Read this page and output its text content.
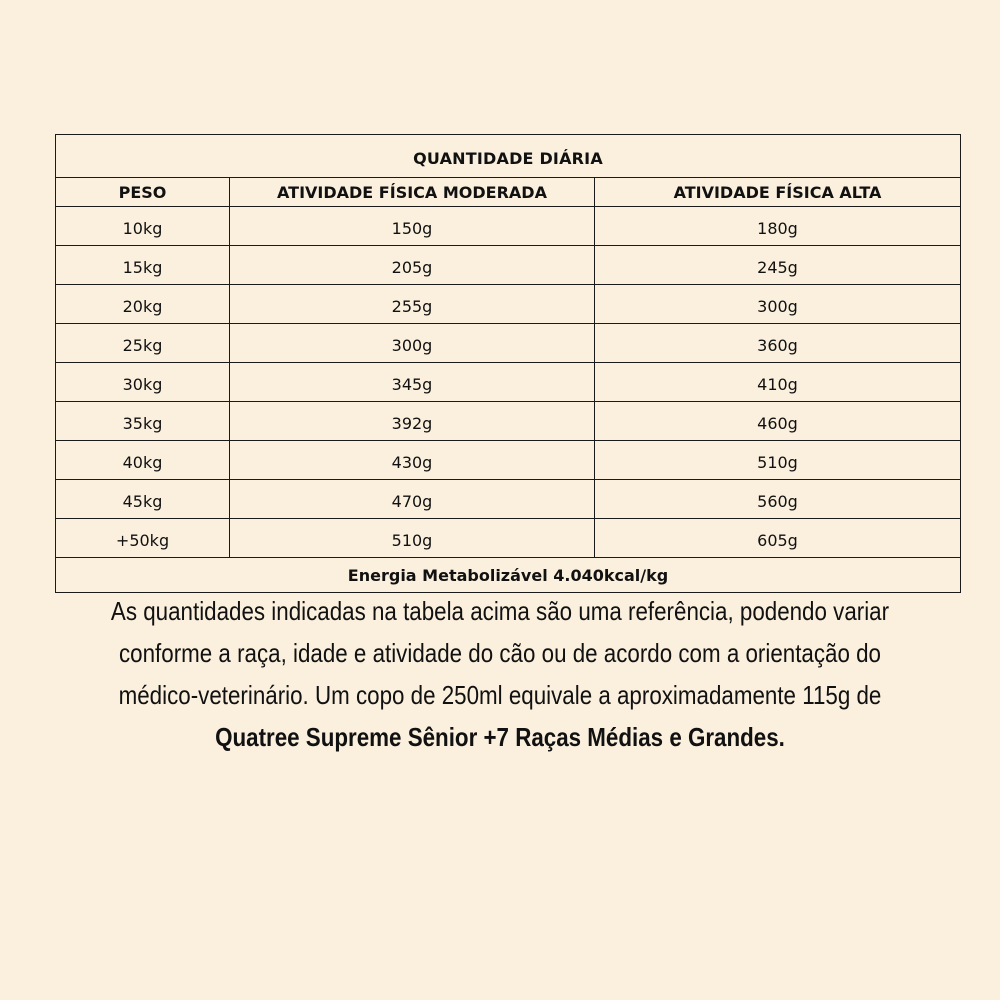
QUANTIDADE DIÁRIA		
PESO	ATIVIDADE FÍSICA MODERADA	ATIVIDADE FÍSICA ALTA
10kg	150g	180g
15kg	205g	245g
20kg	255g	300g
25kg	300g	360g
30kg	345g	410g
35kg	392g	460g
40kg	430g	510g
45kg	470g	560g
+50kg	510g	605g
Energia Metabolizável 4.040kcal/kg		
As quantidades indicadas na tabela acima são uma referência, podendo variar conforme a raça, idade e atividade do cão ou de acordo com a orientação do médico-veterinário. Um copo de 250ml equivale a aproximadamente 115g de Quatree Supreme Sênior +7 Raças Médias e Grandes.
